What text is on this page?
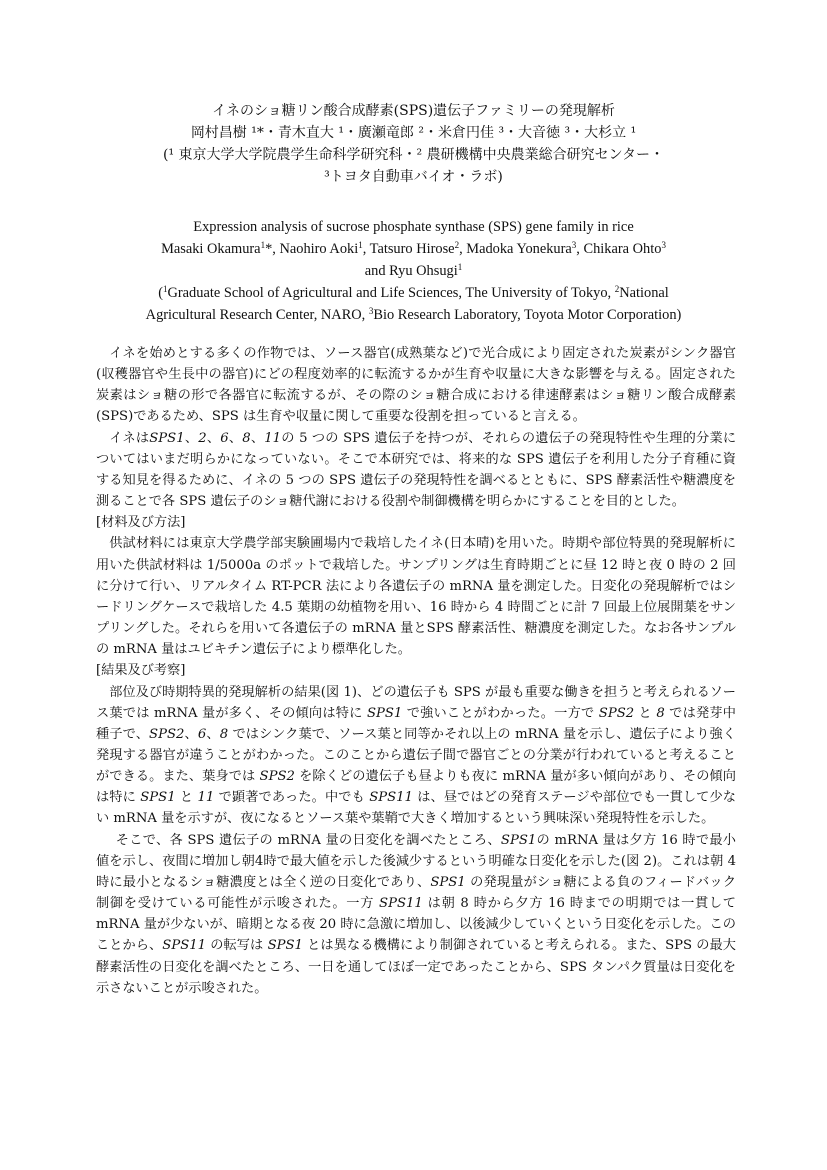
イネのショ糖リン酸合成酵素(SPS)遺伝子ファミリーの発現解析
岡村昌樹 ¹*・青木直大 ¹・廣瀬竜郎 ²・米倉円佳 ³・大音徳 ³・大杉立 ¹
(¹ 東京大学大学院農学生命科学研究科・² 農研機構中央農業総合研究センター・
³トヨタ自動車バイオ・ラボ)
Expression analysis of sucrose phosphate synthase (SPS) gene family in rice
Masaki Okamura$^1$*, Naohiro Aoki$^1$, Tatsuro Hirose$^2$, Madoka Yonekura$^3$, Chikara Ohto$^3$
and Ryu Ohsugi$^1$
($^1$Graduate School of Agricultural and Life Sciences, The University of Tokyo, $^2$National
Agricultural Research Center, NARO, $^3$Bio Research Laboratory, Toyota Motor Corporation)

イネを始めとする多くの作物では、ソース器官(成熟葉など)で光合成により固定された炭素がシンク器官(収穫器官や生長中の器官)にどの程度効率的に転流するかが生育や収量に大きな影響を与える。固定された炭素はショ糖の形で各器官に転流するが、その際のショ糖合成における律速酵素はショ糖リン酸合成酵素(SPS)であるため、SPS は生育や収量に関して重要な役割を担っていると言える。

イネはSPS1、2、6、8、11の 5 つの SPS 遺伝子を持つが、それらの遺伝子の発現特性や生理的分業についてはいまだ明らかになっていない。そこで本研究では、将来的な SPS 遺伝子を利用した分子育種に資する知見を得るために、イネの 5 つの SPS 遺伝子の発現特性を調べるとともに、SPS 酵素活性や糖濃度を測ることで各 SPS 遺伝子のショ糖代謝における役割や制御機構を明らかにすることを目的とした。

[材料及び方法]

供試材料には東京大学農学部実験圃場内で栽培したイネ(日本晴)を用いた。時期や部位特異的発現解析に用いた供試材料は 1/5000a のポットで栽培した。サンプリングは生育時期ごとに昼 12 時と夜 0 時の 2 回に分けて行い、リアルタイム RT-PCR 法により各遺伝子の mRNA 量を測定した。日変化の発現解析ではシードリングケースで栽培した 4.5 葉期の幼植物を用い、16 時から 4 時間ごとに計 7 回最上位展開葉をサンプリングした。それらを用いて各遺伝子の mRNA 量とSPS 酵素活性、糖濃度を測定した。なお各サンプルの mRNA 量はユビキチン遺伝子により標準化した。

[結果及び考察]

部位及び時期特異的発現解析の結果(図 1)、どの遺伝子も SPS が最も重要な働きを担うと考えられるソース葉では mRNA 量が多く、その傾向は特に SPS1 で強いことがわかった。一方で SPS2 と 8 では発芽中種子で、SPS2、6、8 ではシンク葉で、ソース葉と同等かそれ以上の mRNA 量を示し、遺伝子により強く発現する器官が違うことがわかった。このことから遺伝子間で器官ごとの分業が行われていると考えることができる。また、葉身では SPS2 を除くどの遺伝子も昼よりも夜に mRNA 量が多い傾向があり、その傾向は特に SPS1 と 11 で顕著であった。中でも SPS11 は、昼ではどの発育ステージや部位でも一貫して少ない mRNA 量を示すが、夜になるとソース葉や葉鞘で大きく増加するという興味深い発現特性を示した。

そこで、各 SPS 遺伝子の mRNA 量の日変化を調べたところ、SPS1の mRNA 量は夕方 16 時で最小値を示し、夜間に増加し朝4時で最大値を示した後減少するという明確な日変化を示した(図 2)。これは朝 4 時に最小となるショ糖濃度とは全く逆の日変化であり、SPS1 の発現量がショ糖による負のフィードバック制御を受けている可能性が示唆された。一方 SPS11 は朝 8 時から夕方 16 時までの明期では一貫して mRNA 量が少ないが、暗期となる夜 20 時に急激に増加し、以後減少していくという日変化を示した。このことから、SPS11 の転写は SPS1 とは異なる機構により制御されていると考えられる。また、SPS の最大酵素活性の日変化を調べたところ、一日を通してほぼ一定であったことから、SPS タンパク質量は日変化を示さないことが示唆された。
